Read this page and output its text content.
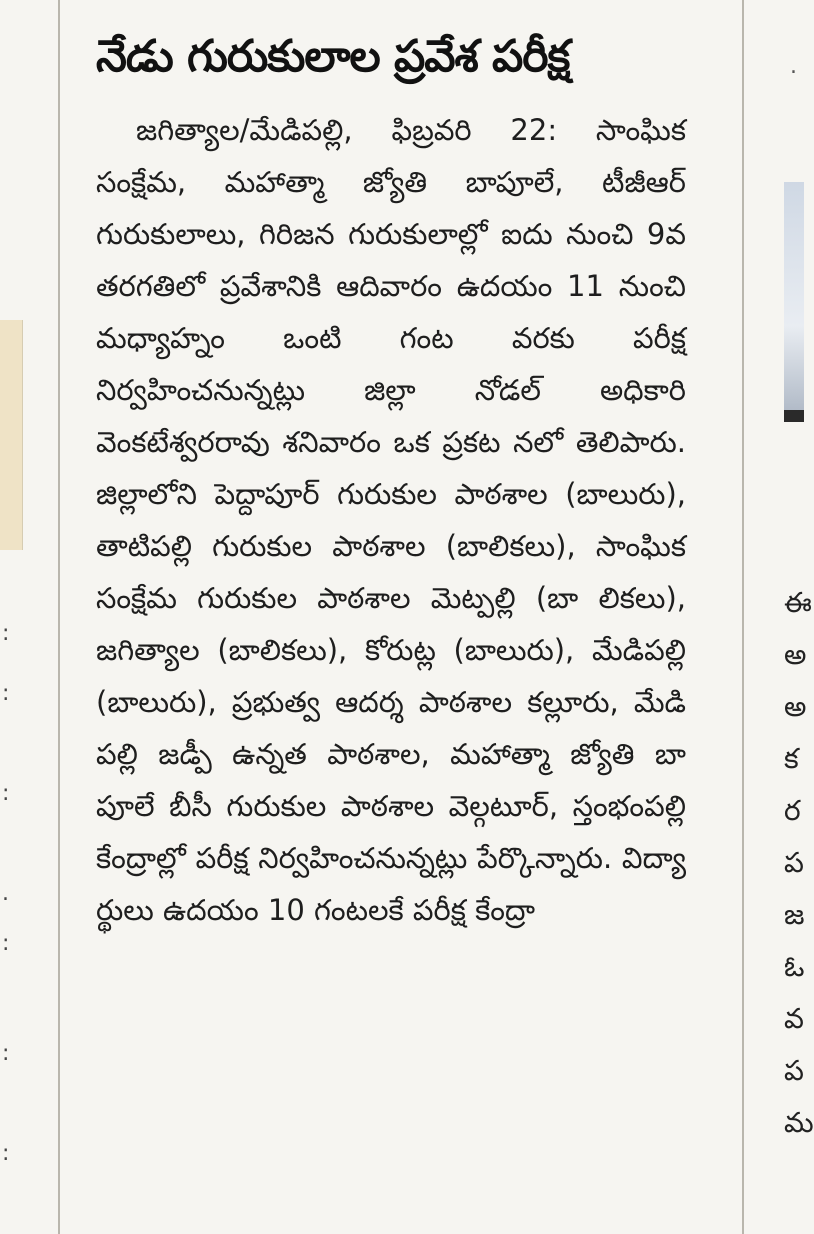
:
:
:
.
:
:
:
నేడు గురుకులాల ప్రవేశ పరీక్ష

జగిత్యాల/మేడిపల్లి, ఫిబ్రవరి 22: సాంఘిక సంక్షేమ, మహాత్మా జ్యోతి బాపూలే, టీజీఆర్ గురుకులాలు, గిరిజన గురుకులాల్లో ఐదు నుంచి 9వ తరగతిలో ప్రవేశానికి ఆదివారం ఉదయం 11 నుంచి మధ్యాహ్నం ఒంటి గంట వరకు పరీక్ష నిర్వహించనున్నట్లు జిల్లా నోడల్ అధికారి వెంకటేశ్వరరావు శనివారం ఒక ప్రకట నలో తెలిపారు. జిల్లాలోని పెద్దాపూర్ గురుకుల పాఠశాల (బాలురు), తాటిపల్లి గురుకుల పాఠశాల (బాలికలు), సాంఘిక సంక్షేమ గురుకుల పాఠశాల మెట్పల్లి (బా లికలు), జగిత్యాల (బాలికలు), కోరుట్ల (బాలురు), మేడిపల్లి (బాలురు), ప్రభుత్వ ఆదర్శ పాఠశాల కల్లూరు, మేడి పల్లి జడ్పీ ఉన్నత పాఠశాల, మహాత్మా జ్యోతి బా పూలే బీసీ గురుకుల పాఠశాల వెల్గటూర్, స్తంభంపల్లి కేంద్రాల్లో పరీక్ష నిర్వహించనున్నట్లు పేర్కొన్నారు. విద్యా ర్థులు ఉదయం 10 గంటలకే పరీక్ష కేంద్రా

.
ఈ
అ
అ
క
ర
ప
జ
ఓ
వ
ప
మ
